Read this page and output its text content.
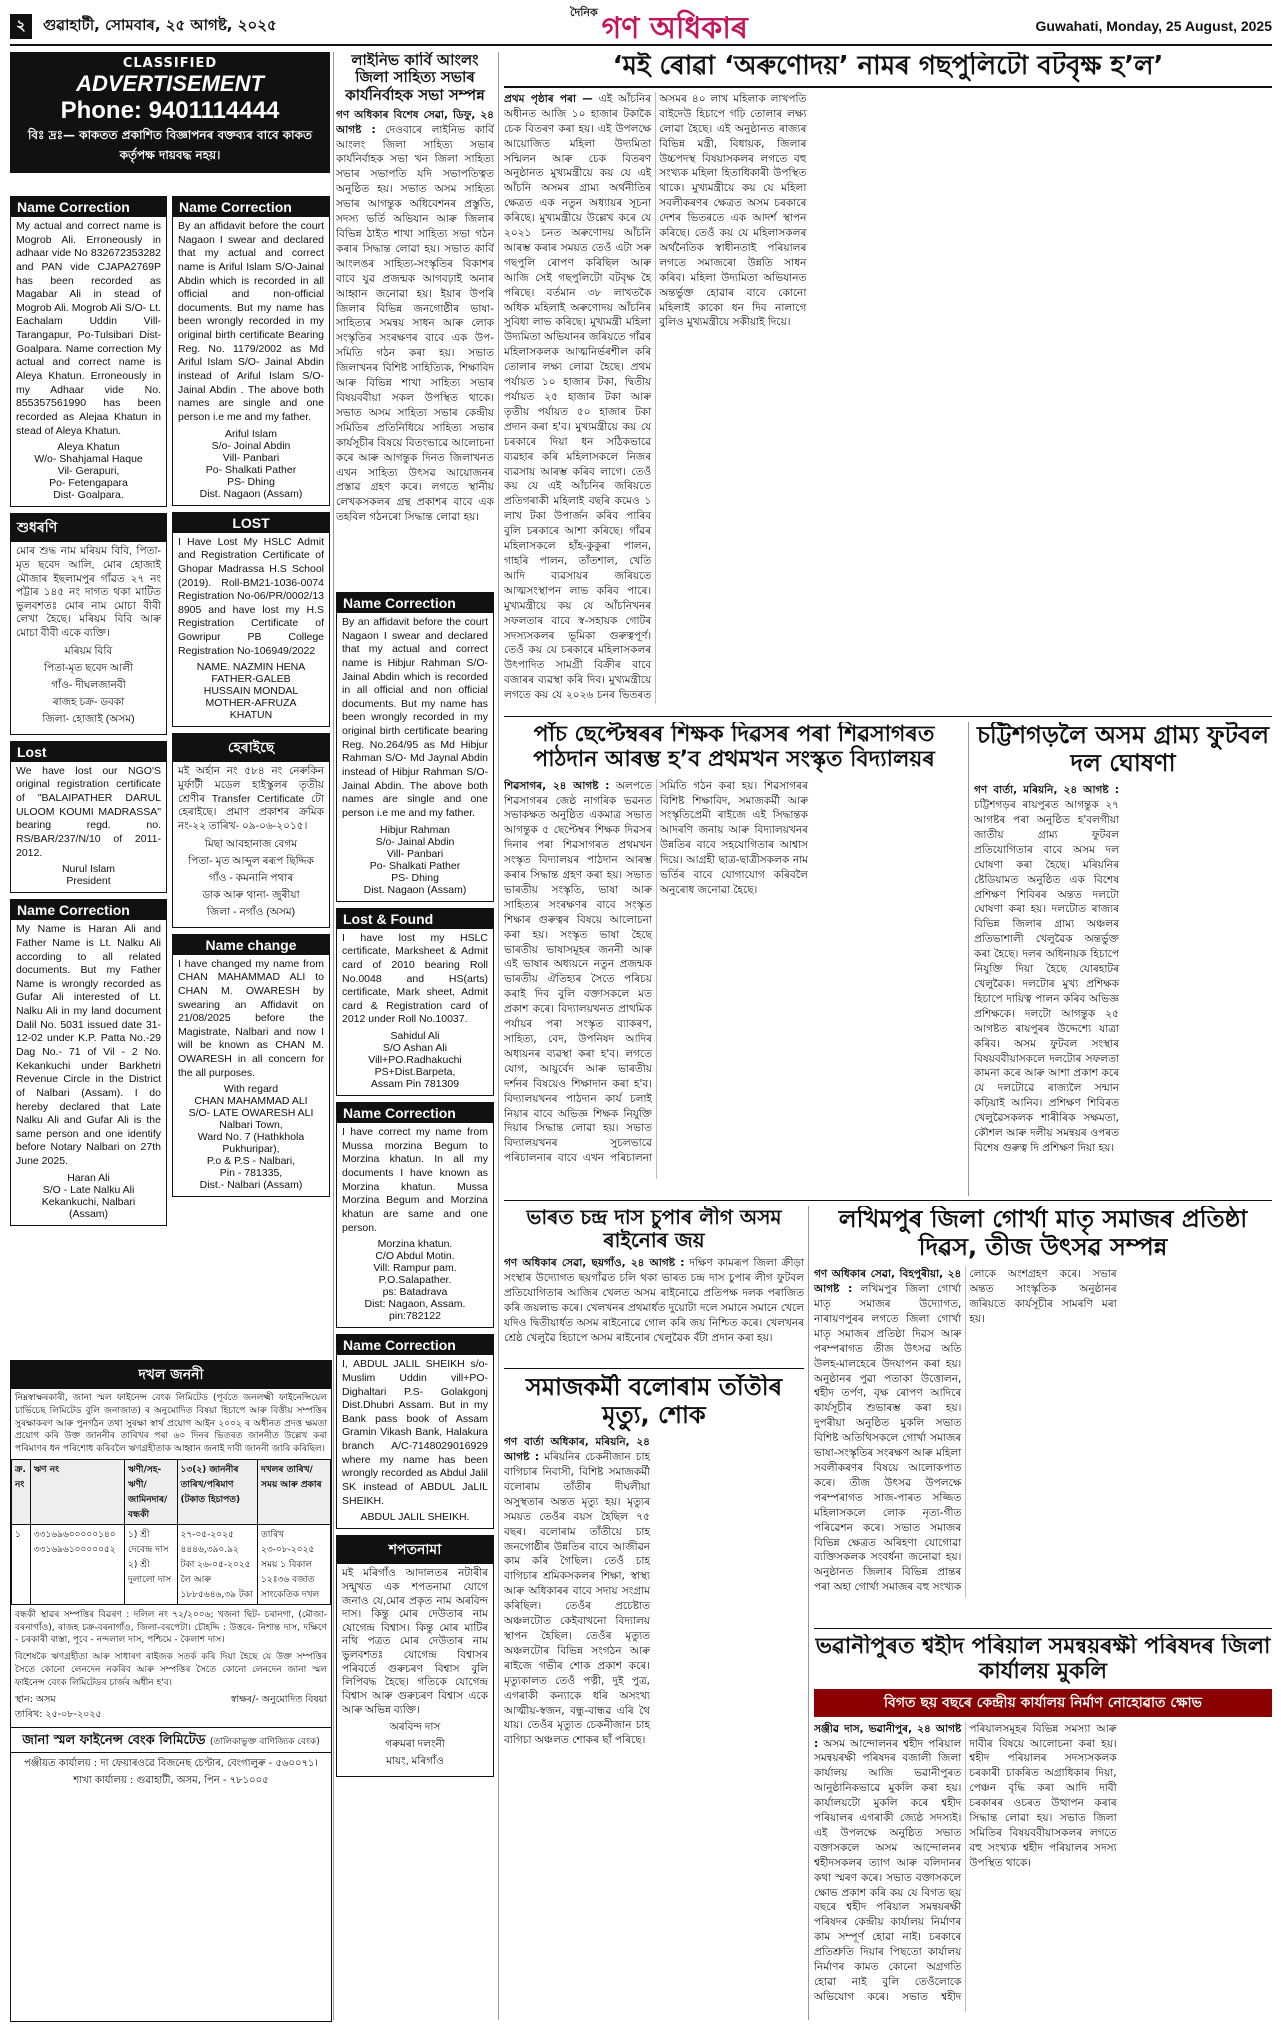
২ গুৱাহাটী, সোমবাৰ, ২৫ আগষ্ট, ২০২৫
$^{দৈনিক}$ গণ অধিকাৰ	Guwahati, Monday, 25 August, 2025
CLASSIFIED
ADVERTISEMENT
Phone: 9401114444
বিঃ দ্ৰঃ— কাকতত প্ৰকাশিত বিজ্ঞাপনৰ বক্তব্যৰ বাবে কাকত কৰ্তৃপক্ষ দায়বদ্ধ নহয়।
Name Correction

My actual and correct name is Mogrob Ali. Erroneously in adhaar vide No 832672353282 and PAN vide CJAPA2769P has been recorded as Magabar Ali in stead of Mogrob Ali. Mogrob Ali S/O- Lt. Eachalam Uddin Vill-Tarangapur, Po-Tulsibari Dist- Goalpara. Name correction My actual and correct name is Aleya Khatun. Erroneously in my Adhaar vide No. 855357561990 has been recorded as Alejaa Khatun in stead of Aleya Khatun.

Aleya Khatun
W/o- Shahjamal Haque
Vil- Gerapuri,
Po- Fetengapara
Dist- Goalpara.
শুধৰণি

মোৰ শুদ্ধ নাম মৰিয়ম বিবি, পিতা- মৃত ছবেদ আলি, মোৰ হোজাই মৌজাৰ ইছলামপুৰ গাঁৱত ২৭ নং পট্টাৰ ১৪৫ নং দাগত থকা মাটিত ভুলবশতঃ মোৰ নাম মোচা বীবী লেখা হৈছে। মৰিয়ম বিবি আৰু মোচা বীবী একে ব্যক্তি।

মৰিয়ম বিবি
পিতা-মৃত ছবেদ আলী
গাঁও- দীঘলজানবী
ৰাজহ চক্ৰ- ডবকা
জিলা- হোজাই (অসম)
Lost

We have lost our NGO'S original registration certificate of "BALAIPATHER DARUL ULOOM KOUMI MADRASSA" bearing regd. no. RS/BAR/237/N/10 of 2011-2012.

Nurul Islam
President
Name Correction

My Name is Haran Ali and Father Name is Lt. Nalku Ali according to all related documents. But my Father Name is wrongly recorded as Gufar Ali interested of Lt. Nalku Ali in my land document Dalil No. 5031 issued date 31-12-02 under K.P. Patta No.-29 Dag No.- 71 of Vil - 2 No. Kekankuchi under Barkhetri Revenue Circle in the District of Nalbari (Assam). I do hereby declared that Late Nalku Ali and Gufar Ali is the same person and one identify before Notary Nalbari on 27th June 2025.

Haran Ali
S/O - Late Nalku Ali
Kekankuchi, Nalbari
(Assam)
Name Correction

By an affidavit before the court Nagaon I swear and declared that my actual and correct name is Ariful Islam S/O-Jainal Abdin which is recorded in all official and non-official documents. But my name has been wrongly recorded in my original birth certificate Bearing Reg. No. 1179/2002 as Md Ariful Islam S/O- Jainal Abdin instead of Ariful Islam S/O- Jainal Abdin . The above both names are single and one person i.e me and my father.

Ariful Islam
S/o- Joinal Abdin
Vill- Panbari
Po- Shalkati Pather
PS- Dhing
Dist. Nagaon (Assam)
LOST

I Have Lost My HSLC Admit and Registration Certificate of Ghopar Madrassa H.S School (2019). Roll-BM21-1036-0074 Registration No-06/PR/0002/13 8905 and have lost my H.S Registration Certificate of Gowripur PB College Registration No-106949/2022

NAME. NAZMIN HENA
FATHER-GALEB
HUSSAIN MONDAL
MOTHER-AFRUZA
KHATUN
হেৰাইছে

মই অৰ্হান নং ৫৮৪ নং নেৰুকিন মুৰ্ফাটী মডেল হাইস্কুলৰ তৃতীয় শ্ৰেণীৰ Transfer Certificate টো হেৰাইছে। প্ৰমাণ প্ৰকাশৰ ক্ৰমিক নং-২২ তাৰিখ- ০৯-০৬-২০১৫।

মিছা আবহানাজ বেগম
পিতা- মৃত আব্দুল ৰৰূপ ছিদ্দিক
গাঁও - কমনানি পথাৰ
ডাক আৰু থানা- জুৰীয়া
জিলা - নগাঁও (অসম)
Name change

I have changed my name from CHAN MAHAMMAD ALI to CHAN M. OWARESH by swearing an Affidavit on 21/08/2025 before the Magistrate, Nalbari and now I will be known as CHAN M. OWARESH in all concern for the all purposes.

With regard
CHAN MAHAMMAD ALI
S/O- LATE OWARESH ALI
Nalbari Town,
Ward No. 7 (Hathkhola
Pukhuripar),
P.o & P.S - Nalbari,
Pin - 781335,
Dist.- Nalbari (Assam)
লাইনিভ কাৰ্বি আংলং জিলা সাহিত্য সভাৰ কাৰ্যনিৰ্বাহক সভা সম্পন্ন

গণ অধিকাৰ বিশেষ সেৱা, ডিফু, ২৪ আগষ্ট : দেওবাৰে লাইনিভ কাৰ্বি আংলং জিলা সাহিত্য সভাৰ কাৰ্যনিৰ্বাহক সভা খন জিলা সাহিত্য সভাৰ সভাপতি যদি সভাপতিত্বত অনুষ্ঠিত হয়। সভাত অসম সাহিত্য সভাৰ আগন্তুক অধিবেশনৰ প্ৰস্তুতি, সদস্য ভৰ্তি অভিযান আৰু জিলাৰ বিভিন্ন ঠাইত শাখা সাহিত্য সভা গঠন কৰাৰ সিদ্ধান্ত লোৱা হয়। সভাত কাৰ্বি আংলঙৰ সাহিত্য-সংস্কৃতিৰ বিকাশৰ বাবে যুৱ প্ৰজন্মক আগবঢ়াই অনাৰ আহ্বান জনোৱা হয়। ইয়াৰ উপৰি জিলাৰ বিভিন্ন জনগোষ্ঠীৰ ভাষা-সাহিত্যৰ সমন্বয় সাধন আৰু লোক সংস্কৃতিৰ সংৰক্ষণৰ বাবে এক উপ-সমিতি গঠন কৰা হয়। সভাত জিলাখনৰ বিশিষ্ট সাহিত্যিক, শিক্ষাবিদ আৰু বিভিন্ন শাখা সাহিত্য সভাৰ বিষয়ববীয়া সকল উপস্থিত থাকে। সভাত অসম সাহিত্য সভাৰ কেন্দ্ৰীয় সমিতিৰ প্ৰতিনিধিয়ে সাহিত্য সভাৰ কাৰ্যসূচীৰ বিষয়ে বিতংভাৱে আলোচনা কৰে আৰু আগন্তুক দিনত জিলাখনত এখন সাহিত্য উৎসৱ আয়োজনৰ প্ৰস্তাৱ গ্ৰহণ কৰে। লগতে স্থানীয় লেখকসকলৰ গ্ৰন্থ প্ৰকাশৰ বাবে এক তহবিল গঠনৰো সিদ্ধান্ত লোৱা হয়।

Name Correction

By an affidavit before the court Nagaon I swear and declared that my actual and correct name is Hibjur Rahman S/O- Jainal Abdin which is recorded in all official and non official documents. But my name has been wrongly recorded in my original birth certificate bearing Reg. No.264/95 as Md Hibjur Rahman S/O- Md Jaynal Abdin instead of Hibjur Rahman S/O- Jainal Abdin. The above both names are single and one person i.e me and my father.

Hibjur Rahman
S/o- Jainal Abdin
Vill- Panbari
Po- Shalkati Pather
PS- Dhing
Dist. Nagaon (Assam)
Lost & Found

I have lost my HSLC certificate, Marksheet & Admit card of 2010 bearing Roll No.0048 and HS(arts) certificate, Mark sheet, Admit card & Registration card of 2012 under Roll No.10037.

Sahidul Ali
S/O Ashan Ali
Vill+PO.Radhakuchi
PS+Dist.Barpeta,
Assam Pin 781309
Name Correction

I have correct my name from Mussa morzina Begum to Morzina khatun. In all my documents I have known as Morzina khatun. Mussa Morzina Begum and Morzina khatun are same and one person.

Morzina khatun.
C/O Abdul Motin.
Vill: Rampur pam.
P.O.Salapather.
ps: Batadrava
Dist: Nagaon, Assam.
pin:782122
Name Correction

I, ABDUL JALIL SHEIKH s/o- Muslim Uddin vill+PO-Dighaltari P.S- Golakgonj Dist.Dhubri Assam. But in my Bank pass book of Assam Gramin Vikash Bank, Halakura branch A/C-7148029016929 where my name has been wrongly recorded as Abdul Jalil SK instead of ABDUL JaLIL SHEIKH.

ABDUL JALIL SHEIKH.
শপতনামা

মই মৰিগাঁও আদালতৰ নটাৰীৰ সন্মুখত এক শপতনামা যোগে জনাও যে,মোৰ প্ৰকৃত নাম অৰবিন্দ দাস। কিন্তু মোৰ দেউতাৰ নাম যোগেন্দ্ৰ বিশ্বাস। কিন্তু মোৰ মাটিৰ নথি পত্ৰত মোৰ দেউতাৰ নাম ভুলবশতঃ যোগেন্দ্ৰ বিশ্বাসৰ পৰিবৰ্তে গুৰুচৰণ বিশ্বাস বুলি লিপিবদ্ধ হৈছে। গতিকে যোগেন্দ্ৰ বিশ্বাস আৰু গুৰুচৰণ বিশ্বাস একে আৰু অভিন্ন ব্যক্তি।

অৰবিন্দ দাস
গৰুমৰা দলংনী
মায়ং, মৰিগাঁও
দখল জননী

নিম্নস্বাক্ষৰকাৰী, জানা স্মল ফাইনেন্স বেংক লিমিটেড (পূৰ্বতে জনলক্ষ্মী ফাইনেন্সিয়েল চাৰ্ভিচেছ লিমিটেড বুলি জনাজাত) ৰ অনুমোদিত বিষয়া হিচাপে আৰু বিত্তীয় সম্পত্তিৰ সুৰক্ষাকৰণ আৰু পুনৰ্গঠন তথা সুৰক্ষা স্বাৰ্থ প্ৰয়োগ আইন ২০০২ ৰ অধীনত প্ৰদত্ত ক্ষমতা প্ৰয়োগ কৰি উক্ত জাননীৰ তাৰিখৰ পৰা ৬০ দিনৰ ভিতৰত জাননীত উল্লেখ কৰা পৰিমাণৰ ধন পৰিশোধ কৰিবলৈ ঋণগ্ৰহীতাক আহ্বান জনাই দাবী জাননী জাৰি কৰিছিল।

ক্ৰ. নং	ঋণ নং	ঋণী/সহ-ঋণী/জামিনদাৰ/বন্ধকী	১৩(২) জাননীৰ তাৰিখ/পৰিমাণ (টকাত হিচাপত)	দখলৰ তাৰিখ/সময় আৰু প্ৰকাৰ
১	৩৩১৬৯৬০০০০০১৪০ ৩৩১৬৯৬১০০০০০৫২	১) শ্ৰী দেবেন্দ্ৰ দাস ২) শ্ৰী দুলালো দাস	২৭-০৫-২০২৫ ৪৪৪৬,৩৯০.৯২ টকা ২৬-০৫-২০২৫ লৈ আৰু ১৮৮৫৬৪৬,৩৯ টকা	তাৰিখ ২৩-০৮-২০২৫ সময় ১ বিকাল ১২ঃ৩৬ বজাত সাংকেতিক দখল

বন্ধকী স্থাৱৰ সম্পত্তিৰ বিৱৰণ : দলিল নং ৭২/২০০৬; খজনা ছিট- চৰানগা, (মৌজা-বৰনাগাঁও), ৰাজহ চক্ৰ-বৰনাগাঁও, জিলা-বৰপেটা। চৌহদ্দি : উত্তৰে- নিশান্ত দাস, দক্ষিণে - চৰকাৰী ৰাস্তা, পূবে - নন্দলাল দাস, পশ্চিমে - কৈলাশ দাস।

বিশেষকৈ ঋণগ্ৰহীতা আৰু সাধাৰণ ৰাইজক সতৰ্ক কৰি দিয়া হৈছে যে উক্ত সম্পত্তিৰ সৈতে কোনো লেনদেন নকৰিব আৰু সম্পত্তিৰ সৈতে কোনো লেনদেন জানা স্মল ফাইনেন্স বেংক লিমিটেডৰ চাৰ্জৰ অধীন হ'ব।

স্থান: অসম
তাৰিখ: ২৫-০৮-২০২৫
স্বাক্ষৰ/- অনুমোদিত বিষয়া
জানা স্মল ফাইনেন্স বেংক লিমিটেড (তালিকাভুক্ত বাণিজ্যিক বেংক)
পঞ্জীয়ত কাৰ্যালয় : দা ফেয়াৰওৱে বিজনেছ চেণ্টাৰ, বেংগালুৰু - ৫৬০০৭১। শাখা কাৰ্যালয় : গুৱাহাটী, অসম, পিন - ৭৮১০০৫
‘মই ৰোৱা ‘অৰুণোদয়’ নামৰ গছপুলিটো বটবৃক্ষ হ’ল’

প্ৰথম পৃষ্ঠাৰ পৰা — এই আঁচনিৰ অধীনত আজি ১০ হাজাৰ টকাকৈ চেক বিতৰণ কৰা হয়। এই উপলক্ষে আয়োজিত মহিলা উদ্যমিতা সন্মিলন আৰু চেক বিতৰণ অনুষ্ঠানত মুখ্যমন্ত্ৰীয়ে কয় যে এই আঁচনি অসমৰ গ্ৰাম্য অৰ্থনীতিৰ ক্ষেত্ৰত এক নতুন অধ্যায়ৰ সূচনা কৰিছে। মুখ্যমন্ত্ৰীয়ে উল্লেখ কৰে যে ২০২১ চনত অৰুণোদয় আঁচনি আৰম্ভ কৰাৰ সময়ত তেওঁ এটা সৰু গছপুলি ৰোপণ কৰিছিল আৰু আজি সেই গছপুলিটো বটবৃক্ষ হৈ পৰিছে। বৰ্তমান ৩৮ লাখতকৈ অধিক মহিলাই অৰুণোদয় আঁচনিৰ সুবিধা লাভ কৰিছে। মুখ্যমন্ত্ৰী মহিলা উদ্যমিতা অভিযানৰ জৰিয়তে গাঁৱৰ মহিলাসকলক আত্মনিৰ্ভৰশীল কৰি তোলাৰ লক্ষ্য লোৱা হৈছে। প্ৰথম পৰ্যায়ত ১০ হাজাৰ টকা, দ্বিতীয় পৰ্যায়ত ২৫ হাজাৰ টকা আৰু তৃতীয় পৰ্যায়ত ৫০ হাজাৰ টকা প্ৰদান কৰা হ'ব। মুখ্যমন্ত্ৰীয়ে কয় যে চৰকাৰে দিয়া ধন সঠিকভাৱে ব্যৱহাৰ কৰি মহিলাসকলে নিজৰ ব্যৱসায় আৰম্ভ কৰিব লাগে। তেওঁ কয় যে এই আঁচনিৰ জৰিয়তে প্ৰতিগৰাকী মহিলাই বছৰি কমেও ১ লাখ টকা উপাৰ্জন কৰিব পাৰিব বুলি চৰকাৰে আশা কৰিছে। গাঁৱৰ মহিলাসকলে হাঁহ-কুকুৰা পালন, গাহৰি পালন, তাঁতশাল, খেতি আদি ব্যৱসায়ৰ জৰিয়তে আত্মসংস্থাপন লাভ কৰিব পাৰে। মুখ্যমন্ত্ৰীয়ে কয় যে আঁচনিখনৰ সফলতাৰ বাবে স্ব-সহায়ক গোটৰ সদস্যসকলৰ ভূমিকা গুৰুত্বপূৰ্ণ। তেওঁ কয় যে চৰকাৰে মহিলাসকলৰ উৎপাদিত সামগ্ৰী বিক্ৰীৰ বাবে বজাৰৰ ব্যৱস্থা কৰি দিব। মুখ্যমন্ত্ৰীয়ে লগতে কয় যে ২০২৬ চনৰ ভিতৰত অসমৰ ৪০ লাখ মহিলাক লাখপতি বাইদেউ হিচাপে গঢ়ি তোলাৰ লক্ষ্য লোৱা হৈছে। এই অনুষ্ঠানত ৰাজ্যৰ বিভিন্ন মন্ত্ৰী, বিধায়ক, জিলাৰ উচ্চপদস্থ বিষয়াসকলৰ লগতে বহু সংখ্যক মহিলা হিতাধিকাৰী উপস্থিত থাকে। মুখ্যমন্ত্ৰীয়ে কয় যে মহিলা সবলীকৰণৰ ক্ষেত্ৰত অসম চৰকাৰে দেশৰ ভিতৰতে এক আদৰ্শ স্থাপন কৰিছে। তেওঁ কয় যে মহিলাসকলৰ অৰ্থনৈতিক স্বাধীনতাই পৰিয়ালৰ লগতে সমাজৰো উন্নতি সাধন কৰিব। মহিলা উদ্যমিতা অভিযানত অন্তৰ্ভুক্ত হোৱাৰ বাবে কোনো মহিলাই কাকো ধন দিব নালাগে বুলিও মুখ্যমন্ত্ৰীয়ে সকীয়াই দিয়ে।

পাঁচ ছেপ্টেম্বৰৰ শিক্ষক দিৱসৰ পৰা শিৱসাগৰত পাঠদান আৰম্ভ হ’ব প্ৰথমখন সংস্কৃত বিদ্যালয়ৰ

শিৱসাগৰ, ২৪ আগষ্ট : অলপতে শিৱসাগৰৰ জেষ্ঠ নাগৰিক ভৱনত সভাকক্ষত অনুষ্ঠিত একমাত্ৰ সভাত আগন্তুক ৫ ছেপ্টেম্বৰ শিক্ষক দিৱসৰ দিনাৰ পৰা শিৱসাগৰত প্ৰথমখন সংস্কৃত বিদ্যালয়ৰ পাঠদান আৰম্ভ কৰাৰ সিদ্ধান্ত গ্ৰহণ কৰা হয়। সভাত ভাৰতীয় সংস্কৃতি, ভাষা আৰু সাহিত্যৰ সংৰক্ষণৰ বাবে সংস্কৃত শিক্ষাৰ গুৰুত্বৰ বিষয়ে আলোচনা কৰা হয়। সংস্কৃত ভাষা হৈছে ভাৰতীয় ভাষাসমূহৰ জননী আৰু এই ভাষাৰ অধ্যয়নে নতুন প্ৰজন্মক ভাৰতীয় ঐতিহ্যৰ সৈতে পৰিচয় কৰাই দিব বুলি বক্তাসকলে মত প্ৰকাশ কৰে। বিদ্যালয়খনত প্ৰাথমিক পৰ্যায়ৰ পৰা সংস্কৃত ব্যাকৰণ, সাহিত্য, বেদ, উপনিষদ আদিৰ অধ্যয়নৰ ব্যৱস্থা কৰা হ'ব। লগতে যোগ, আয়ুৰ্বেদ আৰু ভাৰতীয় দৰ্শনৰ বিষয়েও শিক্ষাদান কৰা হ'ব। বিদ্যালয়খনৰ পাঠদান কাৰ্য চলাই নিয়াৰ বাবে অভিজ্ঞ শিক্ষক নিযুক্তি দিয়াৰ সিদ্ধান্ত লোৱা হয়। সভাত বিদ্যালয়খনৰ সুচলভাৱে পৰিচালনাৰ বাবে এখন পৰিচালনা সমিতি গঠন কৰা হয়। শিৱসাগৰৰ বিশিষ্ট শিক্ষাবিদ, সমাজকৰ্মী আৰু সংস্কৃতিপ্ৰেমী ৰাইজে এই সিদ্ধান্তক আদৰণি জনায় আৰু বিদ্যালয়খনৰ উন্নতিৰ বাবে সহযোগিতাৰ আশ্বাস দিয়ে। আগ্ৰহী ছাত্ৰ-ছাত্ৰীসকলক নাম ভৰ্তিৰ বাবে যোগাযোগ কৰিবলৈ অনুৰোধ জনোৱা হৈছে।

চট্টিশগড়লৈ অসম গ্ৰাম্য ফুটবল দল ঘোষণা

গণ বাৰ্তা, মৰিয়নি, ২৪ আগষ্ট : চট্টিশগড়ৰ ৰায়পুৰত আগন্তুক ২৭ আগষ্টৰ পৰা অনুষ্ঠিত হ'বলগীয়া জাতীয় গ্ৰাম্য ফুটবল প্ৰতিযোগিতাৰ বাবে অসম দল ঘোষণা কৰা হৈছে। মৰিয়নিৰ ষ্টেডিয়ামত অনুষ্ঠিত এক বিশেষ প্ৰশিক্ষণ শিবিৰৰ অন্তত দলটো ঘোষণা কৰা হয়। দলটোত ৰাজ্যৰ বিভিন্ন জিলাৰ গ্ৰাম্য অঞ্চলৰ প্ৰতিভাশালী খেলুৱৈক অন্তৰ্ভুক্ত কৰা হৈছে। দলৰ অধিনায়ক হিচাপে নিযুক্তি দিয়া হৈছে যোৰহাটৰ খেলুৱৈক। দলটোৰ মুখ্য প্ৰশিক্ষক হিচাপে দায়িত্ব পালন কৰিব অভিজ্ঞ প্ৰশিক্ষকে। দলটো আগন্তুক ২৫ আগষ্টত ৰায়পুৰৰ উদ্দেশ্যে যাত্ৰা কৰিব। অসম ফুটবল সংস্থাৰ বিষয়ববীয়াসকলে দলটোৰ সফলতা কামনা কৰে আৰু আশা প্ৰকাশ কৰে যে দলটোৱে ৰাজ্যলৈ সন্মান কঢ়িয়াই আনিব। প্ৰশিক্ষণ শিবিৰত খেলুৱৈসকলক শাৰীৰিক সক্ষমতা, কৌশল আৰু দলীয় সমন্বয়ৰ ওপৰত বিশেষ গুৰুত্ব দি প্ৰশিক্ষণ দিয়া হয়।

ভাৰত চন্দ্ৰ দাস চুপাৰ লীগ অসম ৰাইনোৰ জয়

গণ অধিকাৰ সেৱা, ছয়গাঁও, ২৪ আগষ্ট : দক্ষিণ কামৰূপ জিলা ক্ৰীড়া সংস্থাৰ উদ্যোগত ছয়গাঁৱত চলি থকা ভাৰত চন্দ্ৰ দাস চুপাৰ লীগ ফুটবল প্ৰতিযোগিতাৰ আজিৰ খেলত অসম ৰাইনোৱে প্ৰতিপক্ষ দলক পৰাজিত কৰি জয়লাভ কৰে। খেলখনৰ প্ৰথমাৰ্ধত দুয়োটা দলে সমানে সমানে খেলে যদিও দ্বিতীয়াৰ্ধত অসম ৰাইনোৱে গোল কৰি জয় নিশ্চিত কৰে। খেলখনৰ শ্ৰেষ্ঠ খেলুৱৈ হিচাপে অসম ৰাইনোৰ খেলুৱৈক বঁটা প্ৰদান কৰা হয়।

সমাজকৰ্মী বলোৰাম তাঁতীৰ মৃত্যু, শোক

গণ বাৰ্তা অধিকাৰ, মৰিয়নি, ২৪ আগষ্ট : মৰিয়নিৰ চেকনীজান চাহ বাগিচাৰ নিবাসী, বিশিষ্ট সমাজকৰ্মী বলোৰাম তাঁতীৰ দীঘলীয়া অসুস্থতাৰ অন্তত মৃত্যু হয়। মৃত্যুৰ সময়ত তেওঁৰ বয়স হৈছিল ৭৫ বছৰ। বলোৰাম তাঁতীয়ে চাহ জনগোষ্ঠীৰ উন্নতিৰ বাবে আজীৱন কাম কৰি গৈছিল। তেওঁ চাহ বাগিচাৰ শ্ৰমিকসকলৰ শিক্ষা, স্বাস্থ্য আৰু অধিকাৰৰ বাবে সদায় সংগ্ৰাম কৰিছিল। তেওঁৰ প্ৰচেষ্টাত অঞ্চলটোত কেইবাখনো বিদ্যালয় স্থাপন হৈছিল। তেওঁৰ মৃত্যুত অঞ্চলটোৰ বিভিন্ন সংগঠন আৰু ৰাইজে গভীৰ শোক প্ৰকাশ কৰে। মৃত্যুকালত তেওঁ পত্নী, দুই পুত্ৰ, এগৰাকী কন্যাকে ধৰি অসংখ্য আত্মীয়-স্বজন, বন্ধু-বান্ধৱ এৰি থৈ যায়। তেওঁৰ মৃত্যুত চেকনীজান চাহ বাগিচা অঞ্চলত শোকৰ ছাঁ পৰিছে।

লখিমপুৰ জিলা গোৰ্খা মাতৃ সমাজৰ প্ৰতিষ্ঠা দিৱস, তীজ উৎসৱ সম্পন্ন

গণ অধিকাৰ সেৱা, বিহপুৰীয়া, ২৪ আগষ্ট : লখিমপুৰ জিলা গোৰ্খা মাতৃ সমাজৰ উদ্যোগত, নাৰায়ণপুৰৰ লগতে জিলা গোৰ্খা মাতৃ সমাজৰ প্ৰতিষ্ঠা দিৱস আৰু পৰম্পৰাগত তীজ উৎসৱ অতি উলহ-মালহেৰে উদযাপন কৰা হয়। অনুষ্ঠানৰ পুৱা পতাকা উত্তোলন, শ্বহীদ তৰ্পণ, বৃক্ষ ৰোপণ আদিৰে কাৰ্যসূচীৰ শুভাৰম্ভ কৰা হয়। দুপৰীয়া অনুষ্ঠিত মুকলি সভাত বিশিষ্ট অতিথিসকলে গোৰ্খা সমাজৰ ভাষা-সংস্কৃতিৰ সংৰক্ষণ আৰু মহিলা সবলীকৰণৰ বিষয়ে আলোকপাত কৰে। তীজ উৎসৱ উপলক্ষে পৰম্পৰাগত সাজ-পাৰত সজ্জিত মহিলাসকলে লোক নৃত্য-গীত পৰিৱেশন কৰে। সভাত সমাজৰ বিভিন্ন ক্ষেত্ৰত অৰিহণা যোগোৱা ব্যক্তিসকলক সংবৰ্ধনা জনোৱা হয়। অনুষ্ঠানত জিলাৰ বিভিন্ন প্ৰান্তৰ পৰা অহা গোৰ্খা সমাজৰ বহু সংখ্যক লোকে অংশগ্ৰহণ কৰে। সভাৰ অন্তত সাংস্কৃতিক অনুষ্ঠানৰ জৰিয়তে কাৰ্যসূচীৰ সামৰণি মৰা হয়।

ভৱানীপুৰত শ্বহীদ পৰিয়াল সমন্বয়ৰক্ষী পৰিষদৰ জিলা কাৰ্যালয় মুকলি
বিগত ছয় বছৰে কেন্দ্ৰীয় কাৰ্যালয় নিৰ্মাণ নোহোৱাত ক্ষোভ

সঞ্জীৱ দাস, ভৱানীপুৰ, ২৪ আগষ্ট : অসম আন্দোলনৰ শ্বহীদ পৰিয়াল সমন্বয়ৰক্ষী পৰিষদৰ বজালী জিলা কাৰ্যালয় আজি ভৱানীপুৰত আনুষ্ঠানিকভাৱে মুকলি কৰা হয়। কাৰ্যালয়টো মুকলি কৰে শ্বহীদ পৰিয়ালৰ এগৰাকী জ্যেষ্ঠ সদস্যই। এই উপলক্ষে অনুষ্ঠিত সভাত বক্তাসকলে অসম আন্দোলনৰ শ্বহীদসকলৰ ত্যাগ আৰু বলিদানৰ কথা স্মৰণ কৰে। সভাত বক্তাসকলে ক্ষোভ প্ৰকাশ কৰি কয় যে বিগত ছয় বছৰে শ্বহীদ পৰিয়াল সমন্বয়ৰক্ষী পৰিষদৰ কেন্দ্ৰীয় কাৰ্যালয় নিৰ্মাণৰ কাম সম্পূৰ্ণ হোৱা নাই। চৰকাৰে প্ৰতিশ্ৰুতি দিয়াৰ পিছতো কাৰ্যালয় নিৰ্মাণৰ কামত কোনো অগ্ৰগতি হোৱা নাই বুলি তেওঁলোকে অভিযোগ কৰে। সভাত শ্বহীদ পৰিয়ালসমূহৰ বিভিন্ন সমস্যা আৰু দাবীৰ বিষয়ে আলোচনা কৰা হয়। শ্বহীদ পৰিয়ালৰ সদস্যসকলক চৰকাৰী চাকৰিত অগ্ৰাধিকাৰ দিয়া, পেঞ্চন বৃদ্ধি কৰা আদি দাবী চৰকাৰৰ ওচৰত উত্থাপন কৰাৰ সিদ্ধান্ত লোৱা হয়। সভাত জিলা সমিতিৰ বিষয়ববীয়াসকলৰ লগতে বহু সংখ্যক শ্বহীদ পৰিয়ালৰ সদস্য উপস্থিত থাকে।
